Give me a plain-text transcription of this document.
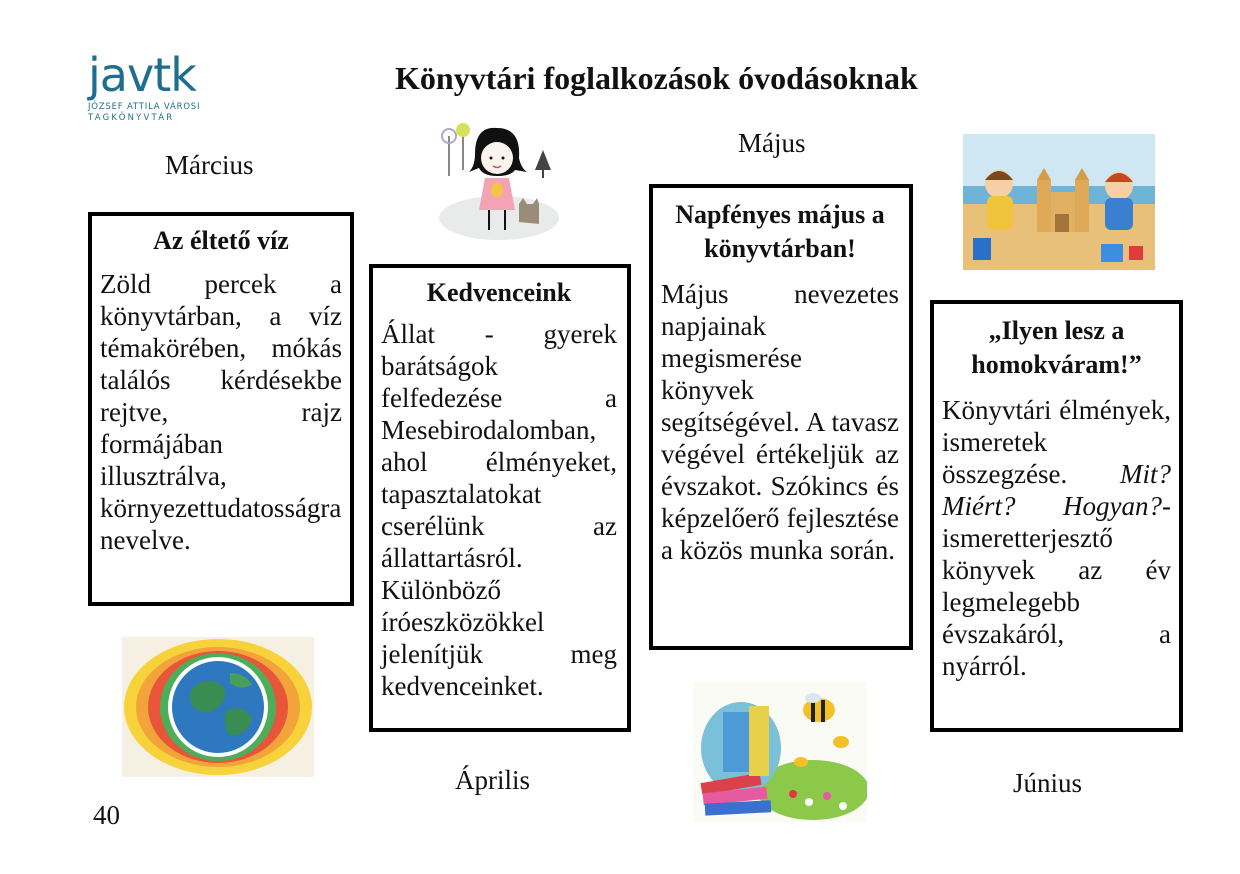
javtk
JÓZSEF ATTILA VÁROSI
TAGKÖNYVTÁR
Könyvtári foglalkozások óvodásoknak
Március
Május
Április	Június
40
Az éltető víz

Zöld percek a könyvtárban, a víz témakörében, mókás találós kérdésekbe rejtve, rajz formájában illusztrálva, környezettudatosságra nevelve.

Kedvenceink

Állat - gyerek barátságok felfedezése a Mesebirodalomban, ahol élményeket, tapasztalatokat cserélünk az állattartásról. Különböző íróeszközökkel jelenítjük meg kedvenceinket.

Napfényes május a könyvtárban!

Május nevezetes napjainak megismerése könyvek segítségével. A tavasz végével értékeljük az évszakot. Szókincs és képzelőerő fejlesztése a közös munka során.

„Ilyen lesz a homokváram!”

Könyvtári élmények, ismeretek összegzése. Mit? Miért? Hogyan?-ismeretterjesztő könyvek az év legmelegebb évszakáról, a nyárról.
